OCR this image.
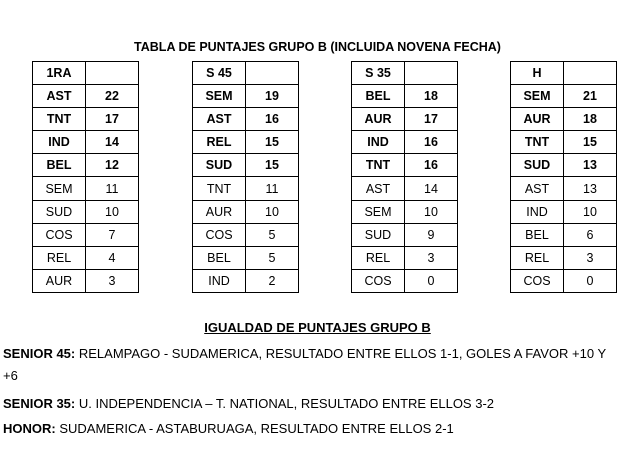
TABLA DE PUNTAJES GRUPO B (INCLUIDA NOVENA FECHA)
1RA	
AST	22
TNT	17
IND	14
BEL	12
SEM	11
SUD	10
COS	7
REL	4
AUR	3
S 45	
SEM	19
AST	16
REL	15
SUD	15
TNT	11
AUR	10
COS	5
BEL	5
IND	2
S 35	
BEL	18
AUR	17
IND	16
TNT	16
AST	14
SEM	10
SUD	9
REL	3
COS	0
H	
SEM	21
AUR	18
TNT	15
SUD	13
AST	13
IND	10
BEL	6
REL	3
COS	0
IGUALDAD DE PUNTAJES GRUPO B
SENIOR 45: RELAMPAGO - SUDAMERICA, RESULTADO ENTRE ELLOS 1-1, GOLES A FAVOR +10 Y +6
SENIOR 35: U. INDEPENDENCIA – T. NATIONAL, RESULTADO ENTRE ELLOS 3-2
HONOR: SUDAMERICA - ASTABURUAGA, RESULTADO ENTRE ELLOS 2-1
